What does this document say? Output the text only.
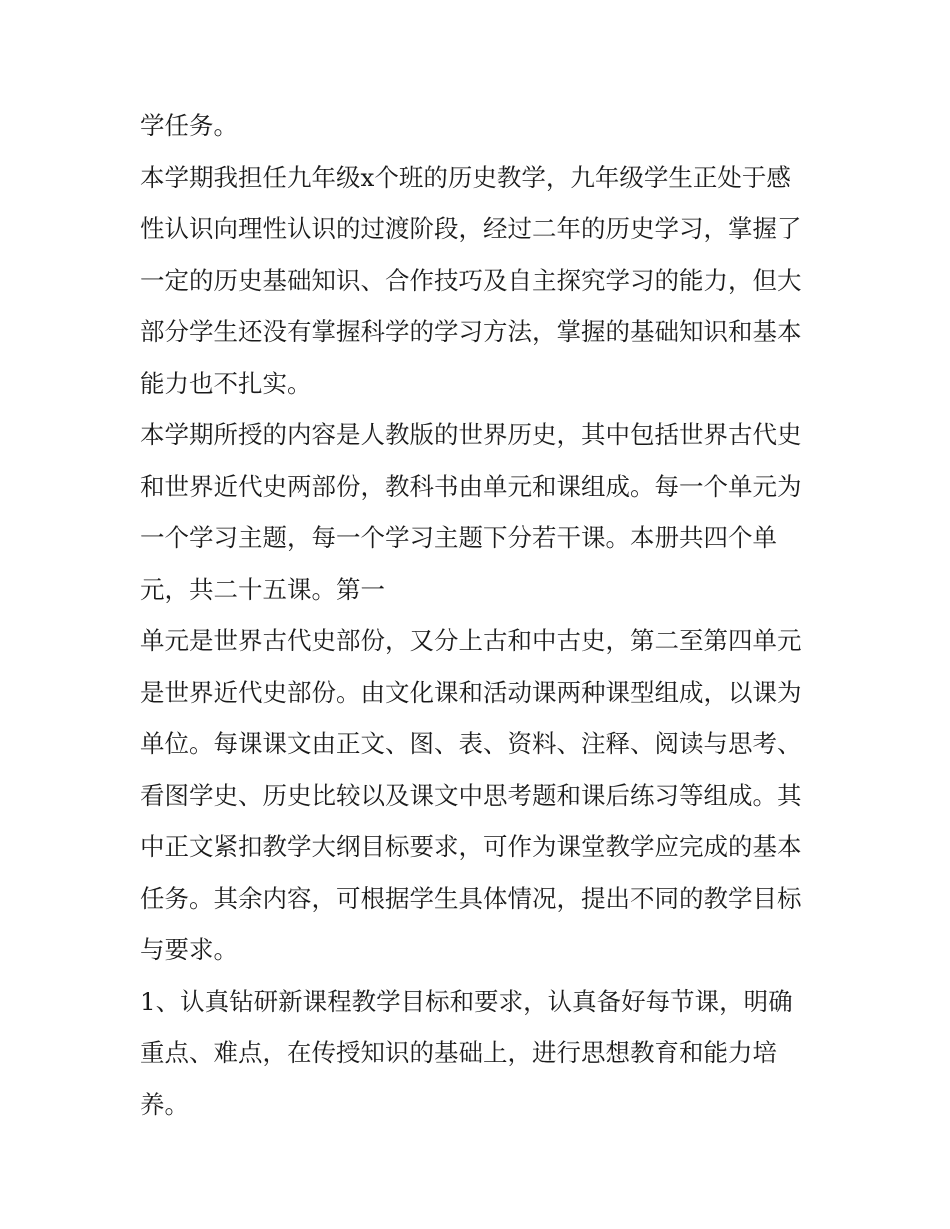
学任务。
本学期我担任九年级x个班的历史教学，九年级学生正处于感
性认识向理性认识的过渡阶段，经过二年的历史学习，掌握了
一定的历史基础知识、合作技巧及自主探究学习的能力，但大
部分学生还没有掌握科学的学习方法，掌握的基础知识和基本
能力也不扎实。
本学期所授的内容是人教版的世界历史，其中包括世界古代史
和世界近代史两部份，教科书由单元和课组成。每一个单元为
一个学习主题，每一个学习主题下分若干课。本册共四个单
元，共二十五课。第一
单元是世界古代史部份，又分上古和中古史，第二至第四单元
是世界近代史部份。由文化课和活动课两种课型组成，以课为
单位。每课课文由正文、图、表、资料、注释、阅读与思考、
看图学史、历史比较以及课文中思考题和课后练习等组成。其
中正文紧扣教学大纲目标要求，可作为课堂教学应完成的基本
任务。其余内容，可根据学生具体情况，提出不同的教学目标
与要求。
1、认真钻研新课程教学目标和要求，认真备好每节课，明确
重点、难点，在传授知识的基础上，进行思想教育和能力培
养。
